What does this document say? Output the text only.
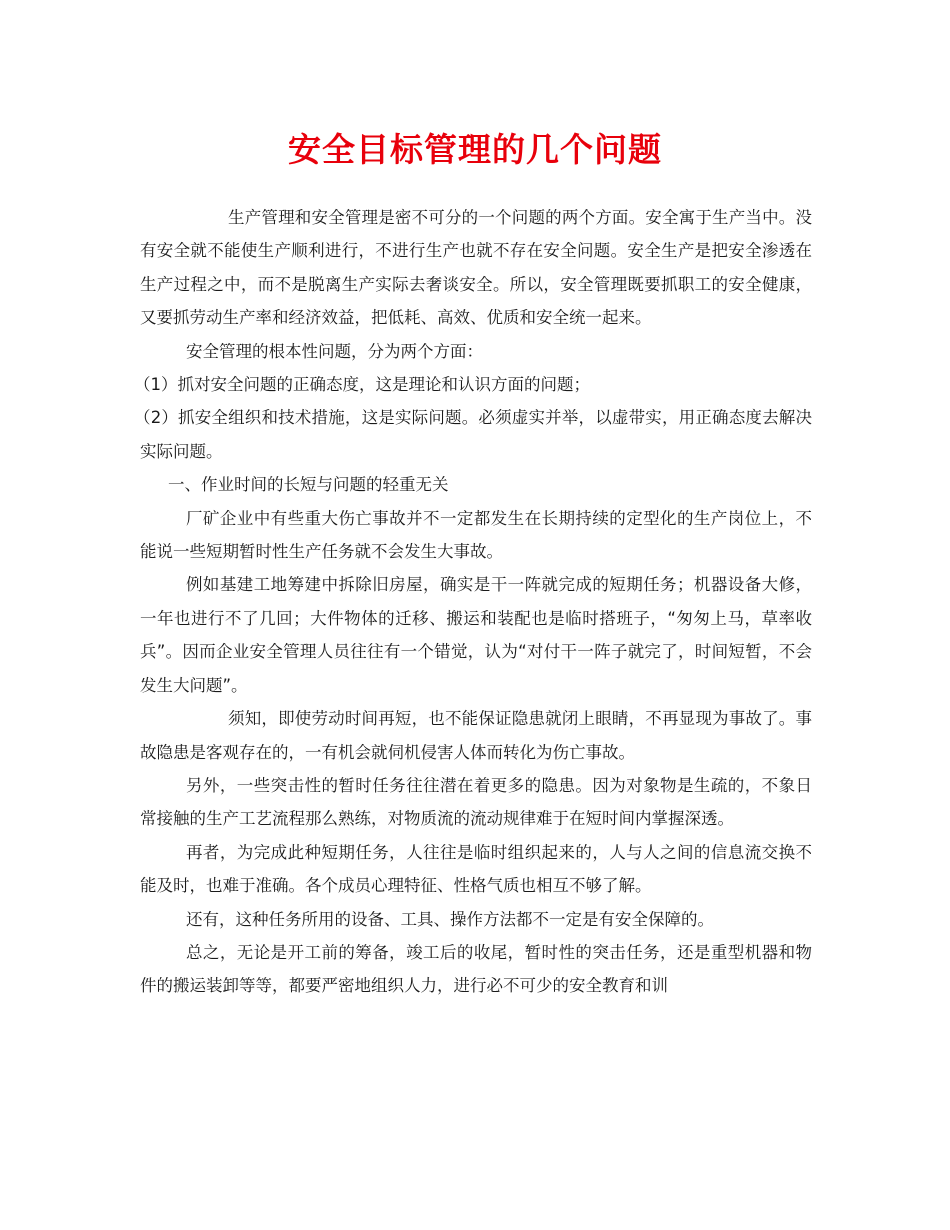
安全目标管理的几个问题

生产管理和安全管理是密不可分的一个问题的两个方面。安全寓于生产当中。没有安全就不能使生产顺利进行，不进行生产也就不存在安全问题。安全生产是把安全渗透在生产过程之中，而不是脱离生产实际去奢谈安全。所以，安全管理既要抓职工的安全健康，又要抓劳动生产率和经济效益，把低耗、高效、优质和安全统一起来。

安全管理的根本性问题，分为两个方面：

（1）抓对安全问题的正确态度，这是理论和认识方面的问题；

（2）抓安全组织和技术措施，这是实际问题。必须虚实并举，以虚带实，用正确态度去解决实际问题。

一、作业时间的长短与问题的轻重无关

厂矿企业中有些重大伤亡事故并不一定都发生在长期持续的定型化的生产岗位上，不能说一些短期暂时性生产任务就不会发生大事故。

例如基建工地筹建中拆除旧房屋，确实是干一阵就完成的短期任务；机器设备大修，一年也进行不了几回；大件物体的迁移、搬运和装配也是临时搭班子，“匆匆上马，草率收兵”。因而企业安全管理人员往往有一个错觉，认为“对付干一阵子就完了，时间短暂，不会发生大问题”。

须知，即使劳动时间再短，也不能保证隐患就闭上眼睛，不再显现为事故了。事故隐患是客观存在的，一有机会就伺机侵害人体而转化为伤亡事故。

另外，一些突击性的暂时任务往往潜在着更多的隐患。因为对象物是生疏的，不象日常接触的生产工艺流程那么熟练，对物质流的流动规律难于在短时间内掌握深透。

再者，为完成此种短期任务，人往往是临时组织起来的，人与人之间的信息流交换不能及时，也难于准确。各个成员心理特征、性格气质也相互不够了解。

还有，这种任务所用的设备、工具、操作方法都不一定是有安全保障的。

总之，无论是开工前的筹备，竣工后的收尾，暂时性的突击任务，还是重型机器和物件的搬运装卸等等，都要严密地组织人力，进行必不可少的安全教育和训
